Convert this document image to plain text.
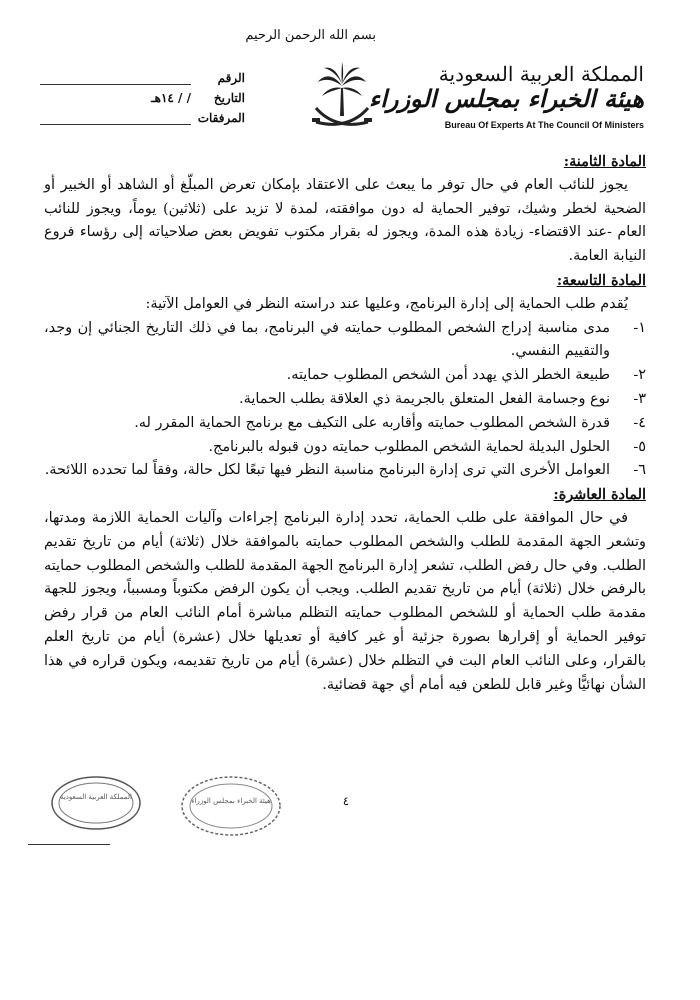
بسم الله الرحمن الرحيم
المملكة العربية السعودية
هيئة الخبراء بمجلس الوزراء
Bureau Of Experts At The Council Of Ministers
الرقم
التاريخ
/ / ١٤هـ
المرفقات

المادة الثامنة:

يجوز للنائب العام في حال توفر ما يبعث على الاعتقاد بإمكان تعرض المبلّغ أو الشاهد أو الخبير أو الضحية لخطر وشيك، توفير الحماية له دون موافقته، لمدة لا تزيد على (ثلاثين) يوماً، ويجوز للنائب العام -عند الاقتضاء- زيادة هذه المدة، ويجوز له بقرار مكتوب تفويض بعض صلاحياته إلى رؤساء فروع النيابة العامة.

المادة التاسعة:

يُقدم طلب الحماية إلى إدارة البرنامج، وعليها عند دراسته النظر في العوامل الآتية:

١-
مدى مناسبة إدراج الشخص المطلوب حمايته في البرنامج، بما في ذلك التاريخ الجنائي إن وجد، والتقييم النفسي.
٢-
طبيعة الخطر الذي يهدد أمن الشخص المطلوب حمايته.
٣-
نوع وجسامة الفعل المتعلق بالجريمة ذي العلاقة بطلب الحماية.
٤-
قدرة الشخص المطلوب حمايته وأقاربه على التكيف مع برنامج الحماية المقرر له.
٥-
الحلول البديلة لحماية الشخص المطلوب حمايته دون قبوله بالبرنامج.
٦-
العوامل الأخرى التي ترى إدارة البرنامج مناسبة النظر فيها تبعًا لكل حالة، وفقاً لما تحدده اللائحة.

المادة العاشرة:

في حال الموافقة على طلب الحماية، تحدد إدارة البرنامج إجراءات وآليات الحماية اللازمة ومدتها، وتشعر الجهة المقدمة للطلب والشخص المطلوب حمايته بالموافقة خلال (ثلاثة) أيام من تاريخ تقديم الطلب. وفي حال رفض الطلب، تشعر إدارة البرنامج الجهة المقدمة للطلب والشخص المطلوب حمايته بالرفض خلال (ثلاثة) أيام من تاريخ تقديم الطلب. ويجب أن يكون الرفض مكتوباً ومسبباً، ويجوز للجهة مقدمة طلب الحماية أو للشخص المطلوب حمايته التظلم مباشرة أمام النائب العام من قرار رفض توفير الحماية أو إقرارها بصورة جزئية أو غير كافية أو تعديلها خلال (عشرة) أيام من تاريخ العلم بالقرار، وعلى النائب العام البت في التظلم خلال (عشرة) أيام من تاريخ تقديمه، ويكون قراره في هذا الشأن نهائيًّا وغير قابل للطعن فيه أمام أي جهة قضائية.

٤
المملكة العربية السعودية	هيئة الخبراء بمجلس الوزراء
